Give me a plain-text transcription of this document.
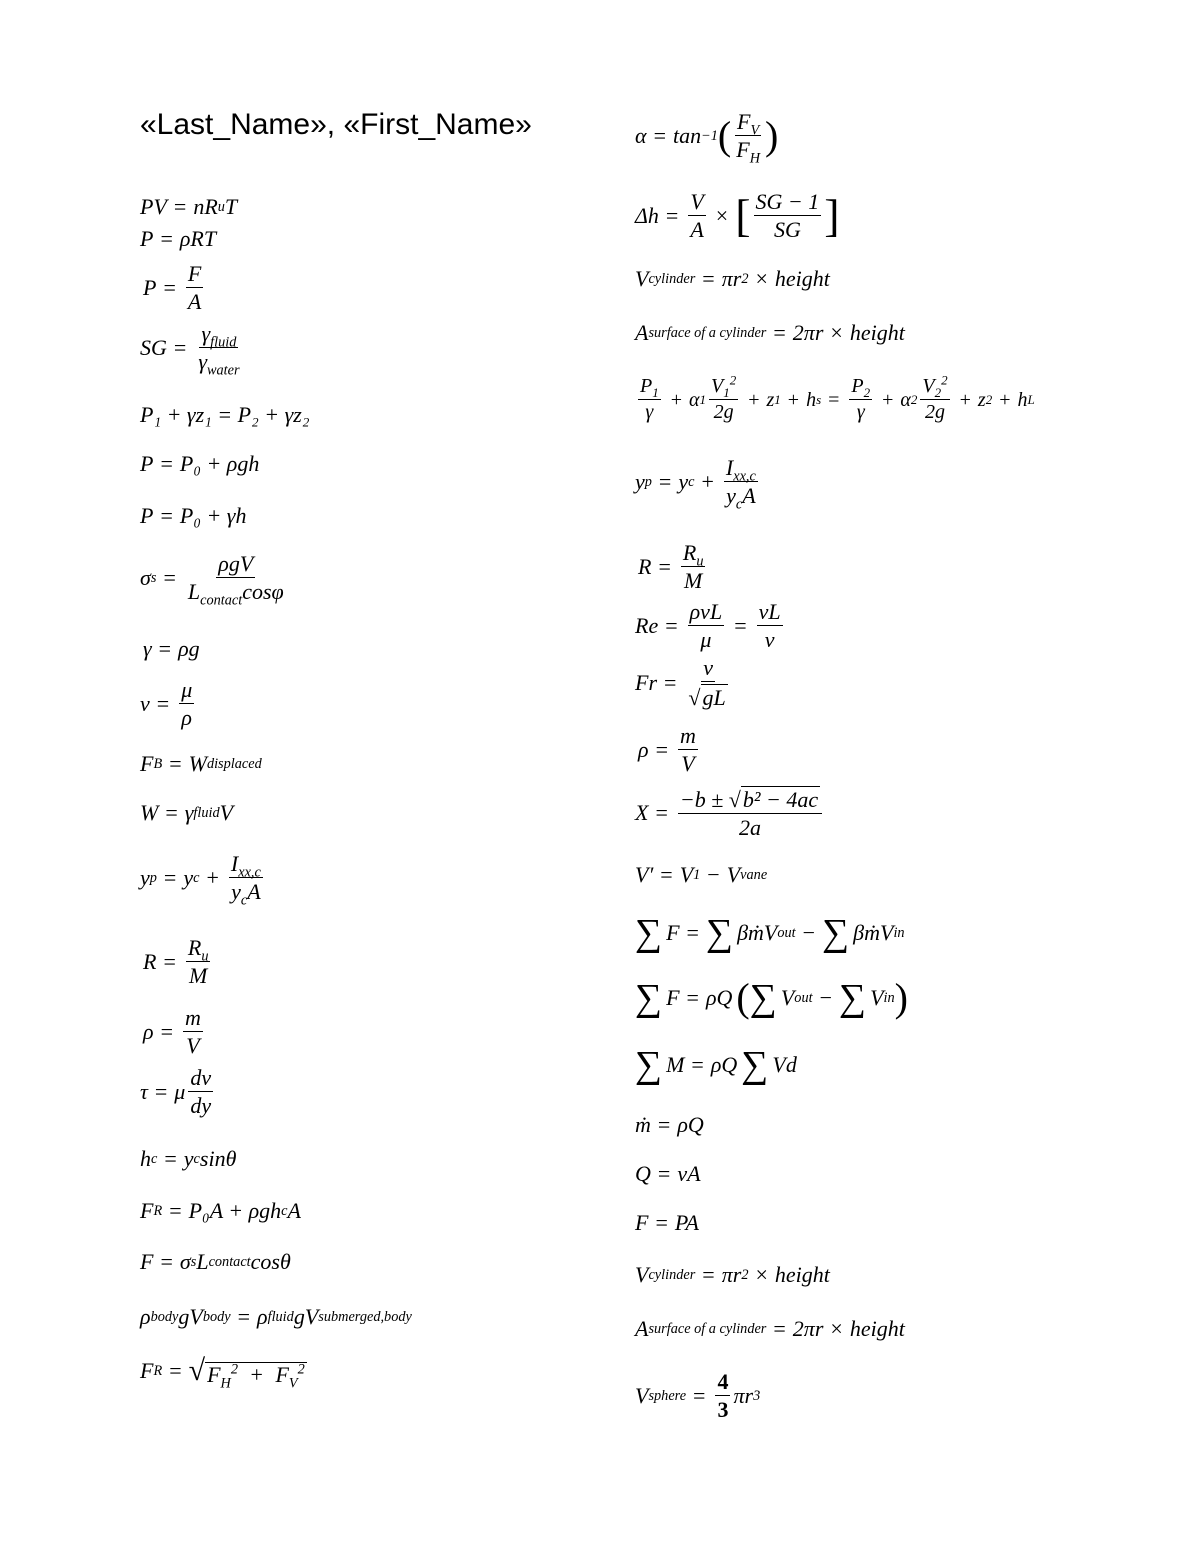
«Last_Name», «First_Name»
PV = nR u T
P = ρRT
$P = \frac{F}{A}$
SG = $\frac{\gamma_{fluid}}{\gamma_{water}}$
P₁ + γz₁ = P₂ + γz₂
P = P₀ + ρgh
P = P₀ + γh
σ $s = \frac{\text{ρgV}}{L_{contact}\cos\varphi}$
γ = ρg
$\nu = \frac{\mu}{\rho}$
F B = W displaced
W = γ fluid V
y p = y $c + \frac{I_{xx,c}}{y_cA}$
$R = \frac{R_u}{M}$
$\rho = \frac{m}{V}$
τ = μ $\frac{dv}{dy}$
h c = y c sinθ
F R = P₀A + ρgh c A
F = σ s L contact cosθ
ρ body gV body = ρ fluid gV submerged,body
F R = √ $F_H^2 + F_V^2$
α = tan −1 ( $\frac{F_V}{F_H}$ )
$\Delta h = \frac{V}{A}$ × [ $\frac{SG - 1}{SG}$ ]
V cylinder = πr 2 × height
A surface of a cylinder = 2πr × height
$\frac{P_1}{\gamma} + \alpha$ $1 \frac{V_1^2}{2g} + z$ 1 + h $s = \frac{P_2}{\gamma} + \alpha$ $2 \frac{V_2^2}{2g} + z$ 2 + h L
y p = y $c + \frac{I_{xx,c}}{y_cA}$
$R = \frac{R_u}{M}$
$Re = \frac{\text{ρvL}}{\mu} = \frac{vL}{\nu}$
$Fr = \frac{v}{√ gL}$
$\rho = \frac{m}{V}$
$X = \frac{\text{−b ± √ b² − 4ac}}{2a}$
V′ = V 1 − V vane
∑ F = ∑ βṁV out − ∑ βṁV in
∑ F = ρQ ( ∑ V out − ∑ V in )
∑ M = ρQ ∑ Vd
ṁ = ρQ
Q = vA
F = PA
V cylinder = πr 2 × height
A surface of a cylinder = 2πr × height
V sphere = $\frac{4}{3}$ πr 3
